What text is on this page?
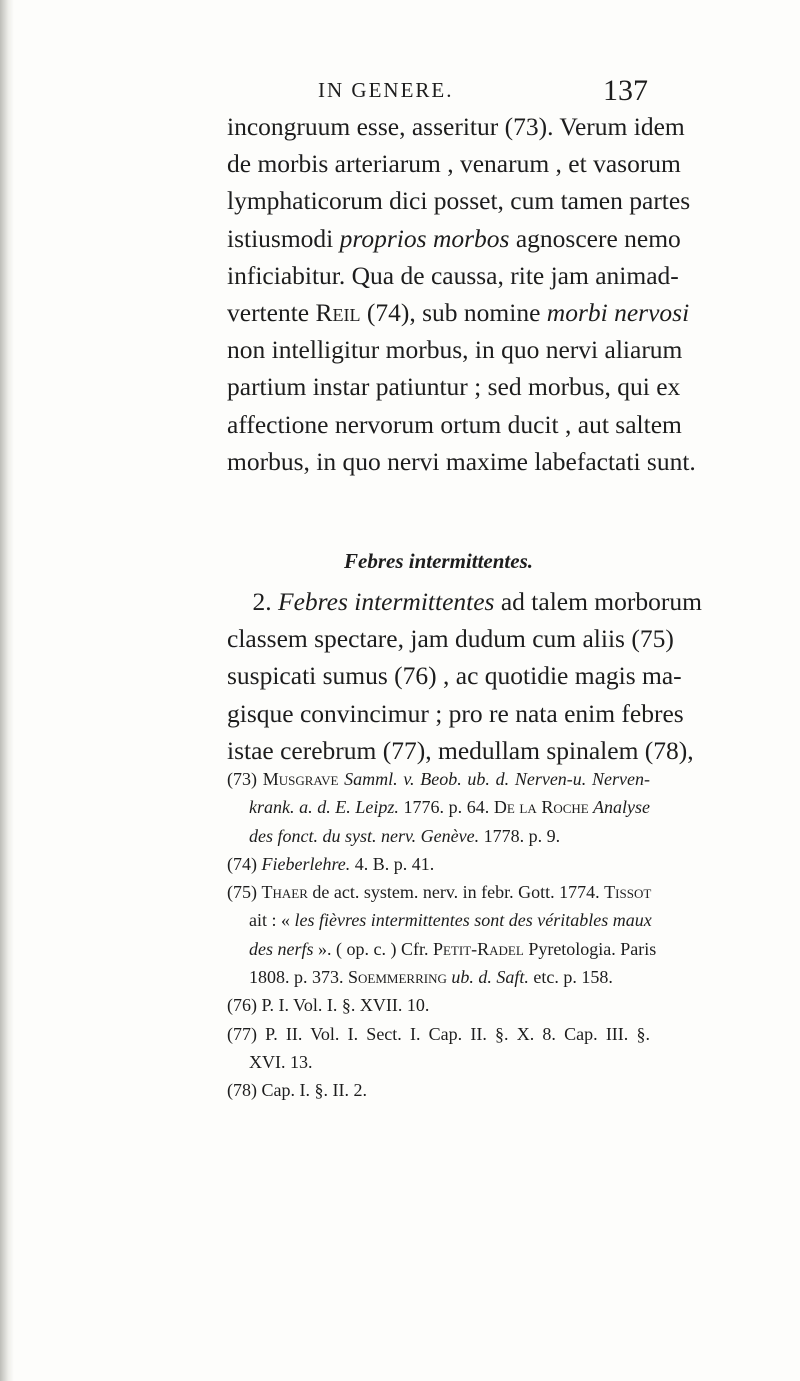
IN GENERE.	137
incongruum esse, asseritur (73). Verum idem
de morbis arteriarum , venarum , et vasorum
lymphaticorum dici posset, cum tamen partes
istiusmodi proprios morbos agnoscere nemo
inficiabitur. Qua de caussa, rite jam animad-
vertente Reil (74), sub nomine morbi nervosi
non intelligitur morbus, in quo nervi aliarum
partium instar patiuntur ; sed morbus, qui ex
affectione nervorum ortum ducit , aut saltem
morbus, in quo nervi maxime labefactati sunt.
Febres intermittentes.
 2. Febres intermittentes ad talem morborum
classem spectare, jam dudum cum aliis (75)
suspicati sumus (76) , ac quotidie magis ma-
gisque convincimur ; pro re nata enim febres
istae cerebrum (77), medullam spinalem (78),
(73) Musgrave Samml. v. Beob. ub. d. Nerven-u. Nerven-
krank. a. d. E. Leipz. 1776. p. 64. De la Roche Analyse
des fonct. du syst. nerv. Genève. 1778. p. 9.
(74) Fieberlehre. 4. B. p. 41.
(75) Thaer de act. system. nerv. in febr. Gott. 1774. Tissot
ait : « les fièvres intermittentes sont des véritables maux
des nerfs ». ( op. c. ) Cfr. Petit-Radel Pyretologia. Paris
1808. p. 373. Soemmerring ub. d. Saft. etc. p. 158.
(76) P. I. Vol. I. §. XVII. 10.
(77) P. II. Vol. I. Sect. I. Cap. II. §. X. 8. Cap. III. §.
XVI. 13.
(78) Cap. I. §. II. 2.
